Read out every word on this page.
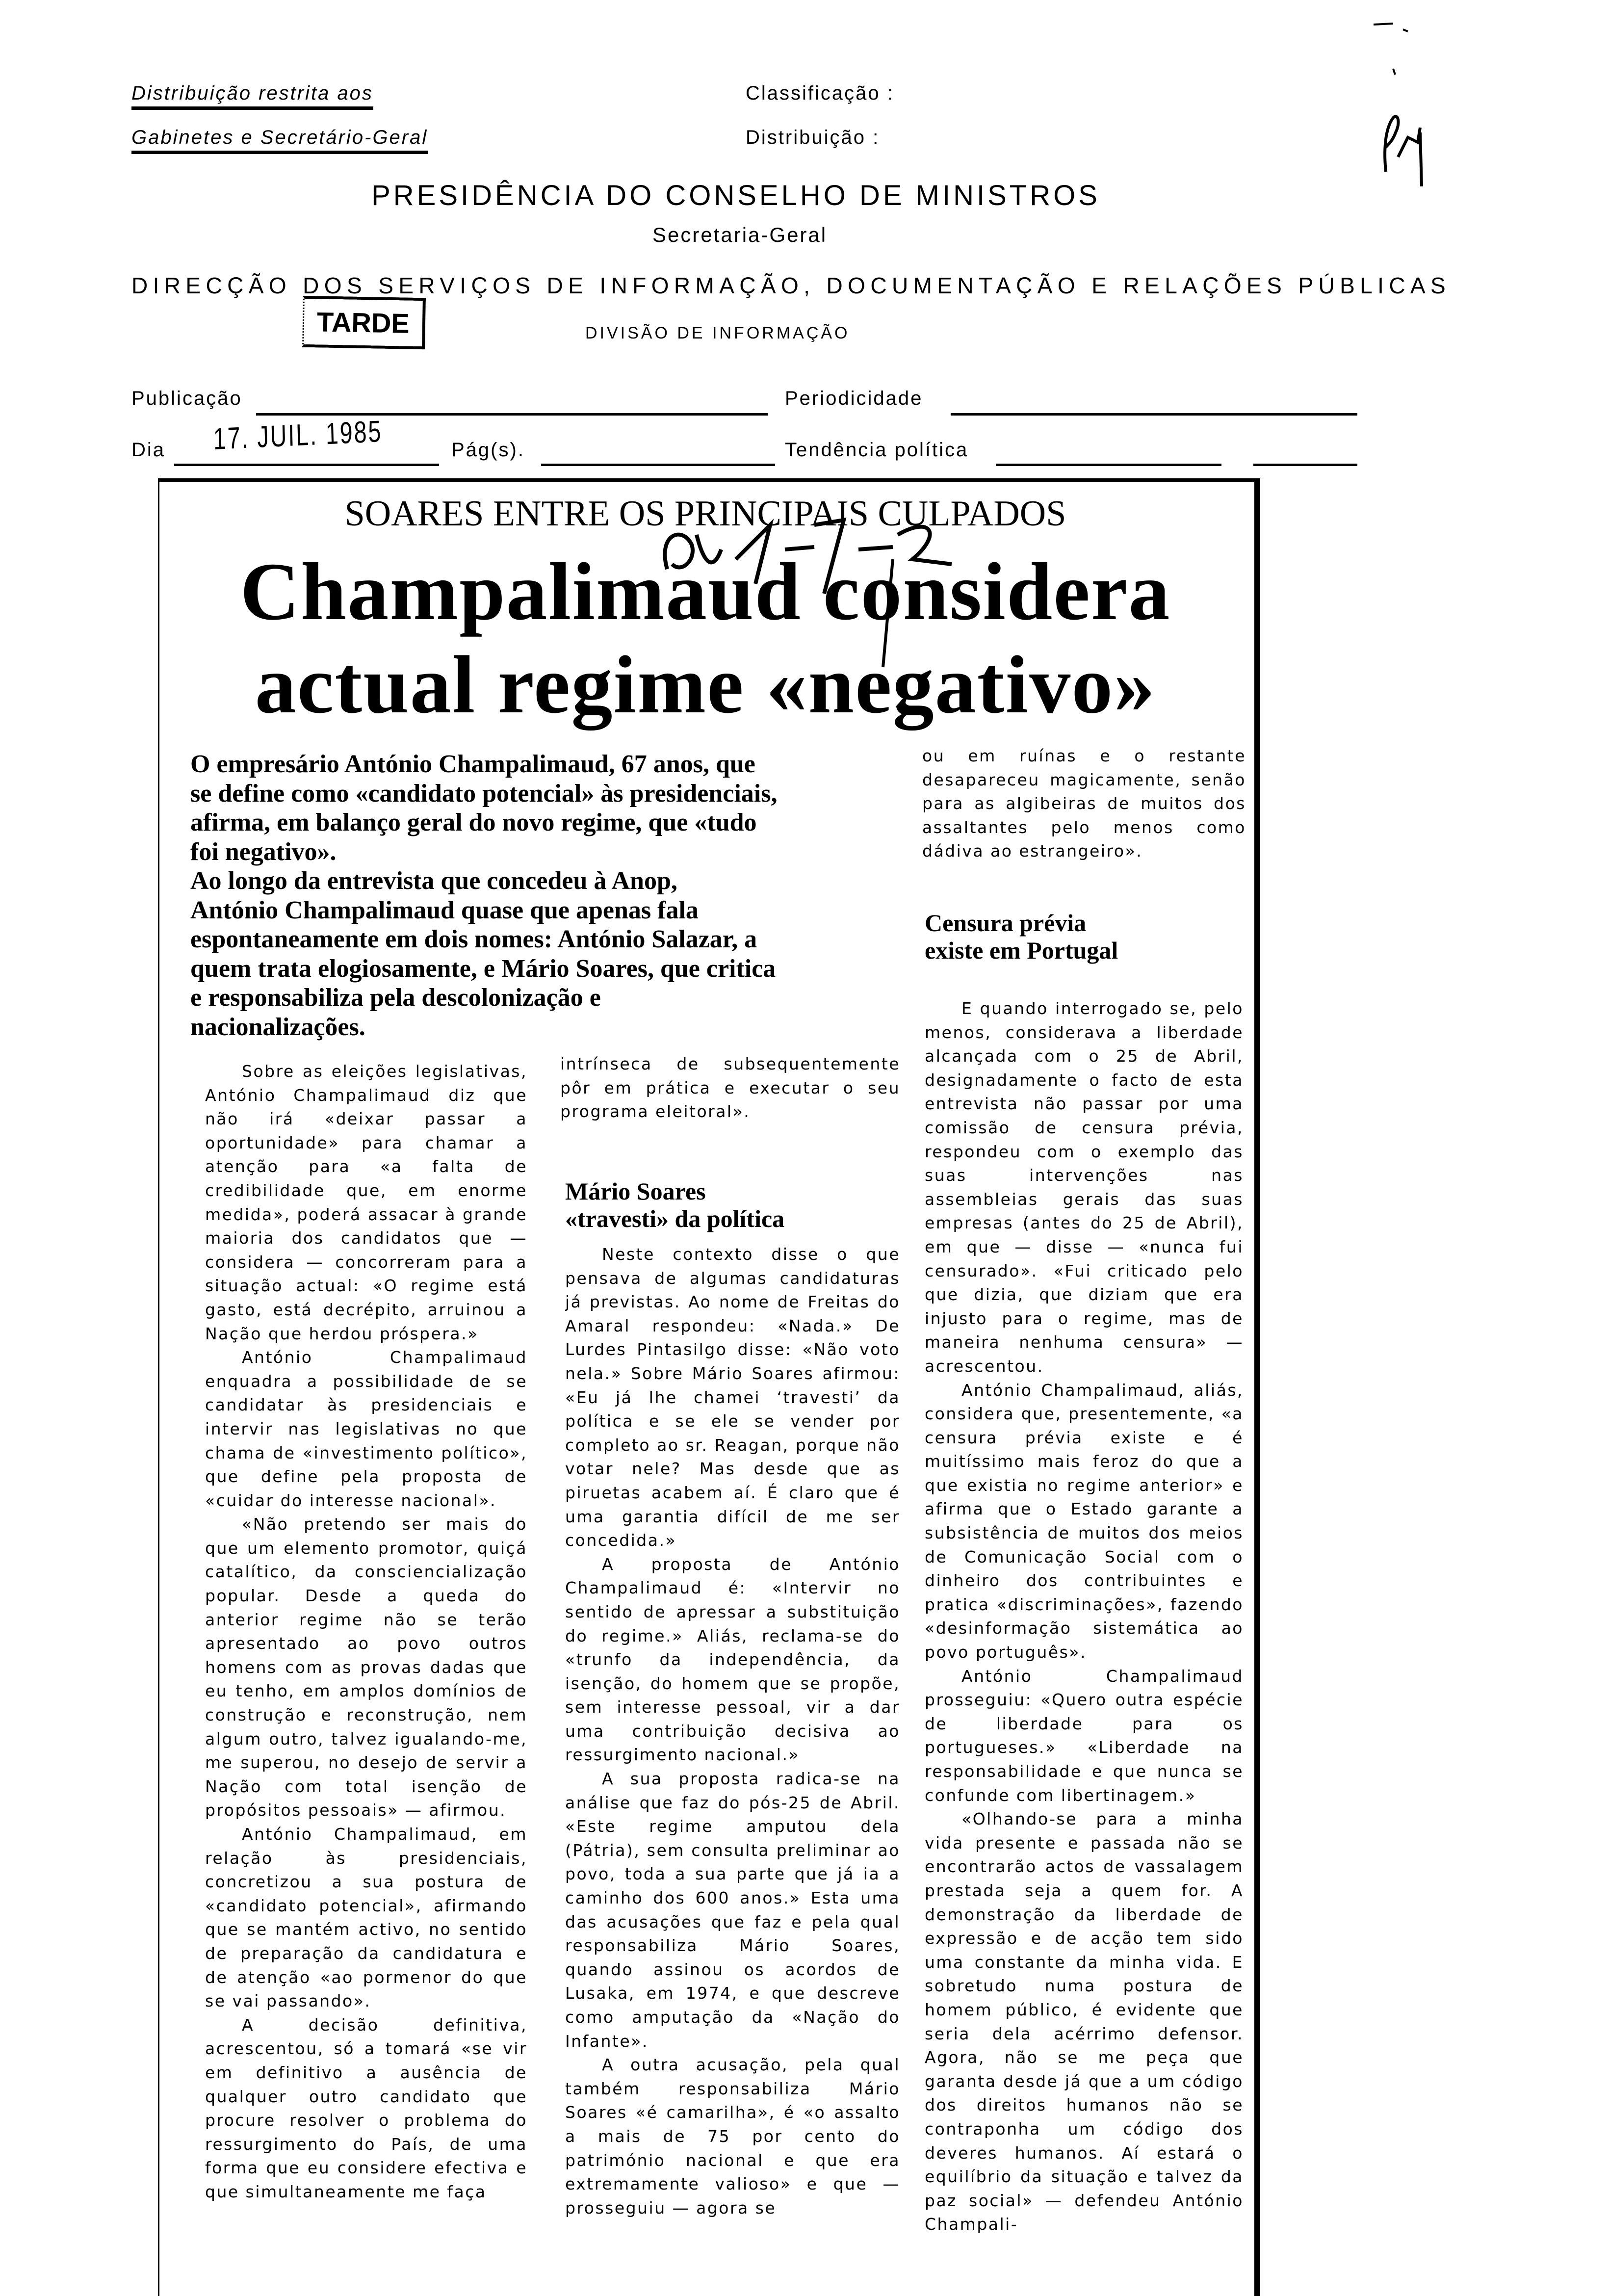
Distribuição restrita aos
Gabinetes e Secretário-Geral
Classificação :
Distribuição :
PRESIDÊNCIA DO CONSELHO DE MINISTROS
Secretaria-Geral
DIRECÇÃO DOS SERVIÇOS DE INFORMAÇÃO, DOCUMENTAÇÃO E RELAÇÕES PÚBLICAS
TARDE	DIVISÃO DE INFORMAÇÃO
Publicação	Periodicidade
Dia 17. JUIL. 1985	Pág(s).	Tendência política
SOARES ENTRE OS PRINCIPAIS CULPADOS
Champalimaud considera
actual regime «negativo»
O empresário António Champalimaud, 67 anos, que
se define como «candidato potencial» às presidenciais,
afirma, em balanço geral do novo regime, que «tudo
foi negativo».
Ao longo da entrevista que concedeu à Anop,
António Champalimaud quase que apenas fala
espontaneamente em dois nomes: António Salazar, a
quem trata elogiosamente, e Mário Soares, que critica
e responsabiliza pela descolonização e
nacionalizações.

Sobre as eleições legislativas, António Champalimaud diz que não irá «deixar passar a oportunidade» para chamar a atenção para «a falta de credibilidade que, em enorme medida», poderá assacar à grande maioria dos candidatos que — considera — concorreram para a situação actual: «O regime está gasto, está decrépito, arruinou a Nação que herdou próspera.»

António Champalimaud enquadra a possibilidade de se candidatar às presidenciais e intervir nas legislativas no que chama de «investimento político», que define pela proposta de «cuidar do interesse nacional».

«Não pretendo ser mais do que um elemento promotor, quiçá catalítico, da consciencialização popular. Desde a queda do anterior regime não se terão apresentado ao povo outros homens com as provas dadas que eu tenho, em amplos domínios de construção e reconstrução, nem algum outro, talvez igualando-me, me superou, no desejo de servir a Nação com total isenção de propósitos pessoais» — afirmou.

António Champalimaud, em relação às presidenciais, concretizou a sua postura de «candidato potencial», afirmando que se mantém activo, no sentido de preparação da candidatura e de atenção «ao pormenor do que se vai passando».

A decisão definitiva, acrescentou, só a tomará «se vir em definitivo a ausência de qualquer outro candidato que procure resolver o problema do ressurgimento do País, de uma forma que eu considere efectiva e que simultaneamente me faça

intrínseca de subsequentemente pôr em prática e executar o seu programa eleitoral».

Mário Soares
«travesti» da política

Neste contexto disse o que pensava de algumas candidaturas já previstas. Ao nome de Freitas do Amaral respondeu: «Nada.» De Lurdes Pintasilgo disse: «Não voto nela.» Sobre Mário Soares afirmou: «Eu já lhe chamei ‘travesti’ da política e se ele se vender por completo ao sr. Reagan, porque não votar nele? Mas desde que as piruetas acabem aí. É claro que é uma garantia difícil de me ser concedida.»

A proposta de António Champalimaud é: «Intervir no sentido de apressar a substituição do regime.» Aliás, reclama-se do «trunfo da independência, da isenção, do homem que se propõe, sem interesse pessoal, vir a dar uma contribuição decisiva ao ressurgimento nacional.»

A sua proposta radica-se na análise que faz do pós-25 de Abril. «Este regime amputou dela (Pátria), sem consulta preliminar ao povo, toda a sua parte que já ia a caminho dos 600 anos.» Esta uma das acusações que faz e pela qual responsabiliza Mário Soares, quando assinou os acordos de Lusaka, em 1974, e que descreve como amputação da «Nação do Infante».

A outra acusação, pela qual também responsabiliza Mário Soares «é camarilha», é «o assalto a mais de 75 por cento do património nacional e que era extremamente valioso» e que — prosseguiu — agora se

ou em ruínas e o restante desapareceu magicamente, senão para as algibeiras de muitos dos assaltantes pelo menos como dádiva ao estrangeiro».

Censura prévia
existe em Portugal

E quando interrogado se, pelo menos, considerava a liberdade alcançada com o 25 de Abril, designadamente o facto de esta entrevista não passar por uma comissão de censura prévia, respondeu com o exemplo das suas intervenções nas assembleias gerais das suas empresas (antes do 25 de Abril), em que — disse — «nunca fui censurado». «Fui criticado pelo que dizia, que diziam que era injusto para o regime, mas de maneira nenhuma censura» — acrescentou.

António Champalimaud, aliás, considera que, presentemente, «a censura prévia existe e é muitíssimo mais feroz do que a que existia no regime anterior» e afirma que o Estado garante a subsistência de muitos dos meios de Comunicação Social com o dinheiro dos contribuintes e pratica «discriminações», fazendo «desinformação sistemática ao povo português».

António Champalimaud prosseguiu: «Quero outra espécie de liberdade para os portugueses.» «Liberdade na responsabilidade e que nunca se confunde com libertinagem.»

«Olhando-se para a minha vida presente e passada não se encontrarão actos de vassalagem prestada seja a quem for. A demonstração da liberdade de expressão e de acção tem sido uma constante da minha vida. E sobretudo numa postura de homem público, é evidente que seria dela acérrimo defensor. Agora, não se me peça que garanta desde já que a um código dos direitos humanos não se contraponha um código dos deveres humanos. Aí estará o equilíbrio da situação e talvez da paz social» — defendeu António Champali-
